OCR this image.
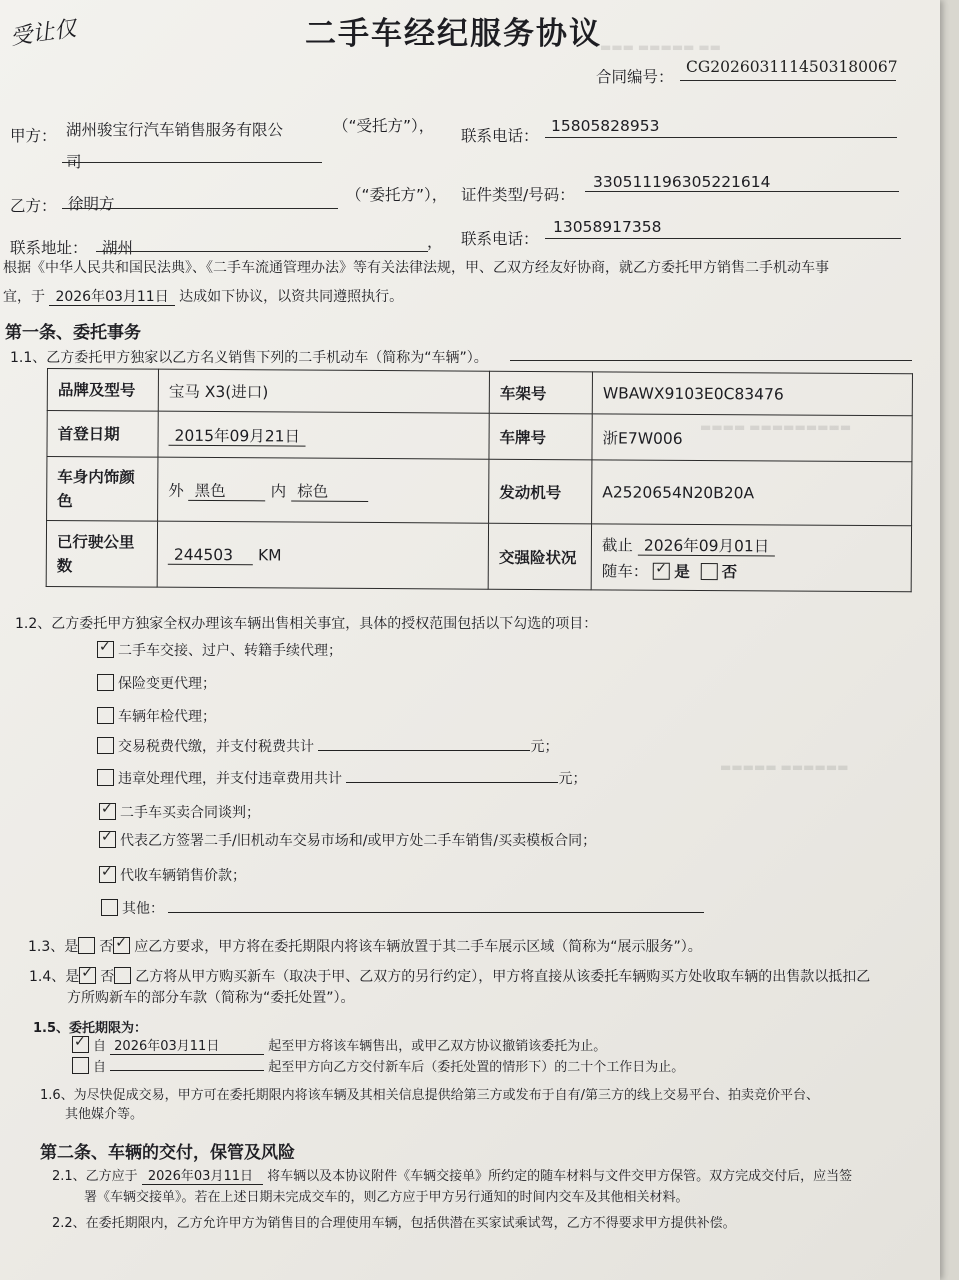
受让仅	▬▬▬ ▬▬▬▬▬ ▬▬
▬▬▬▬ ▬▬▬▬▬▬▬▬▬
▬▬▬▬▬ ▬▬▬▬▬▬
二手车经纪服务协议
合同编号：
CG2026031114503180067
甲方： 湖州骏宝行汽车销售服务有限公
司
（“受托方”），
联系电话：
15805828953
乙方： 徐明方	（“委托方”）， 证件类型/号码：
330511196305221614
联系地址： 湖州	， 联系电话：
13058917358
根据《中华人民共和国民法典》、《二手车流通管理办法》等有关法律法规，甲、乙双方经友好协商，就乙方委托甲方销售二手机动车事
宜，于 2026年03月11日 达成如下协议，以资共同遵照执行。
第一条、委托事务
1.1、乙方委托甲方独家以乙方名义销售下列的二手机动车（简称为“车辆”）。
品牌及型号	宝马 X3(进口)	车架号	WBAWX9103E0C83476
首登日期	2015年09月21日	车牌号	浙E7W006
车身内饰颜色	外 黑色 内 棕色	发动机号	A2520654N20B20A
已行驶公里数	244503 KM	交强险状况	截止 2026年09月01日
随车： ✓ 是 否
1.2、乙方委托甲方独家全权办理该车辆出售相关事宜，具体的授权范围包括以下勾选的项目：
✓二手车交接、过户、转籍手续代理；
保险变更代理；
车辆年检代理；
交易税费代缴，并支付税费共计	元；
违章处理代理，并支付违章费用共计	元；
✓二手车买卖合同谈判；
✓代表乙方签署二手/旧机动车交易市场和/或甲方处二手车销售/买卖模板合同；
✓代收车辆销售价款；
其他：
1.3、是 否 ✓ 应乙方要求，甲方将在委托期限内将该车辆放置于其二手车展示区域（简称为“展示服务”）。
1.4、是 ✓ 否 乙方将从甲方购买新车（取决于甲、乙双方的另行约定），甲方将直接从该委托车辆购买方处收取车辆的出售款以抵扣乙
方所购新车的部分车款（简称为“委托处置”）。
1.5、委托期限为：
✓自 2026年03月11日	起至甲方将该车辆售出，或甲乙双方协议撤销该委托为止。
自	起至甲方向乙方交付新车后（委托处置的情形下）的二十个工作日为止。
1.6、为尽快促成交易，甲方可在委托期限内将该车辆及其相关信息提供给第三方或发布于自有/第三方的线上交易平台、拍卖竞价平台、
其他媒介等。
第二条、车辆的交付，保管及风险
2.1、乙方应于 2026年03月11日 将车辆以及本协议附件《车辆交接单》所约定的随车材料与文件交甲方保管。双方完成交付后，应当签
署《车辆交接单》。若在上述日期未完成交车的，则乙方应于甲方另行通知的时间内交车及其他相关材料。
2.2、在委托期限内，乙方允许甲方为销售目的合理使用车辆，包括供潜在买家试乘试驾，乙方不得要求甲方提供补偿。
